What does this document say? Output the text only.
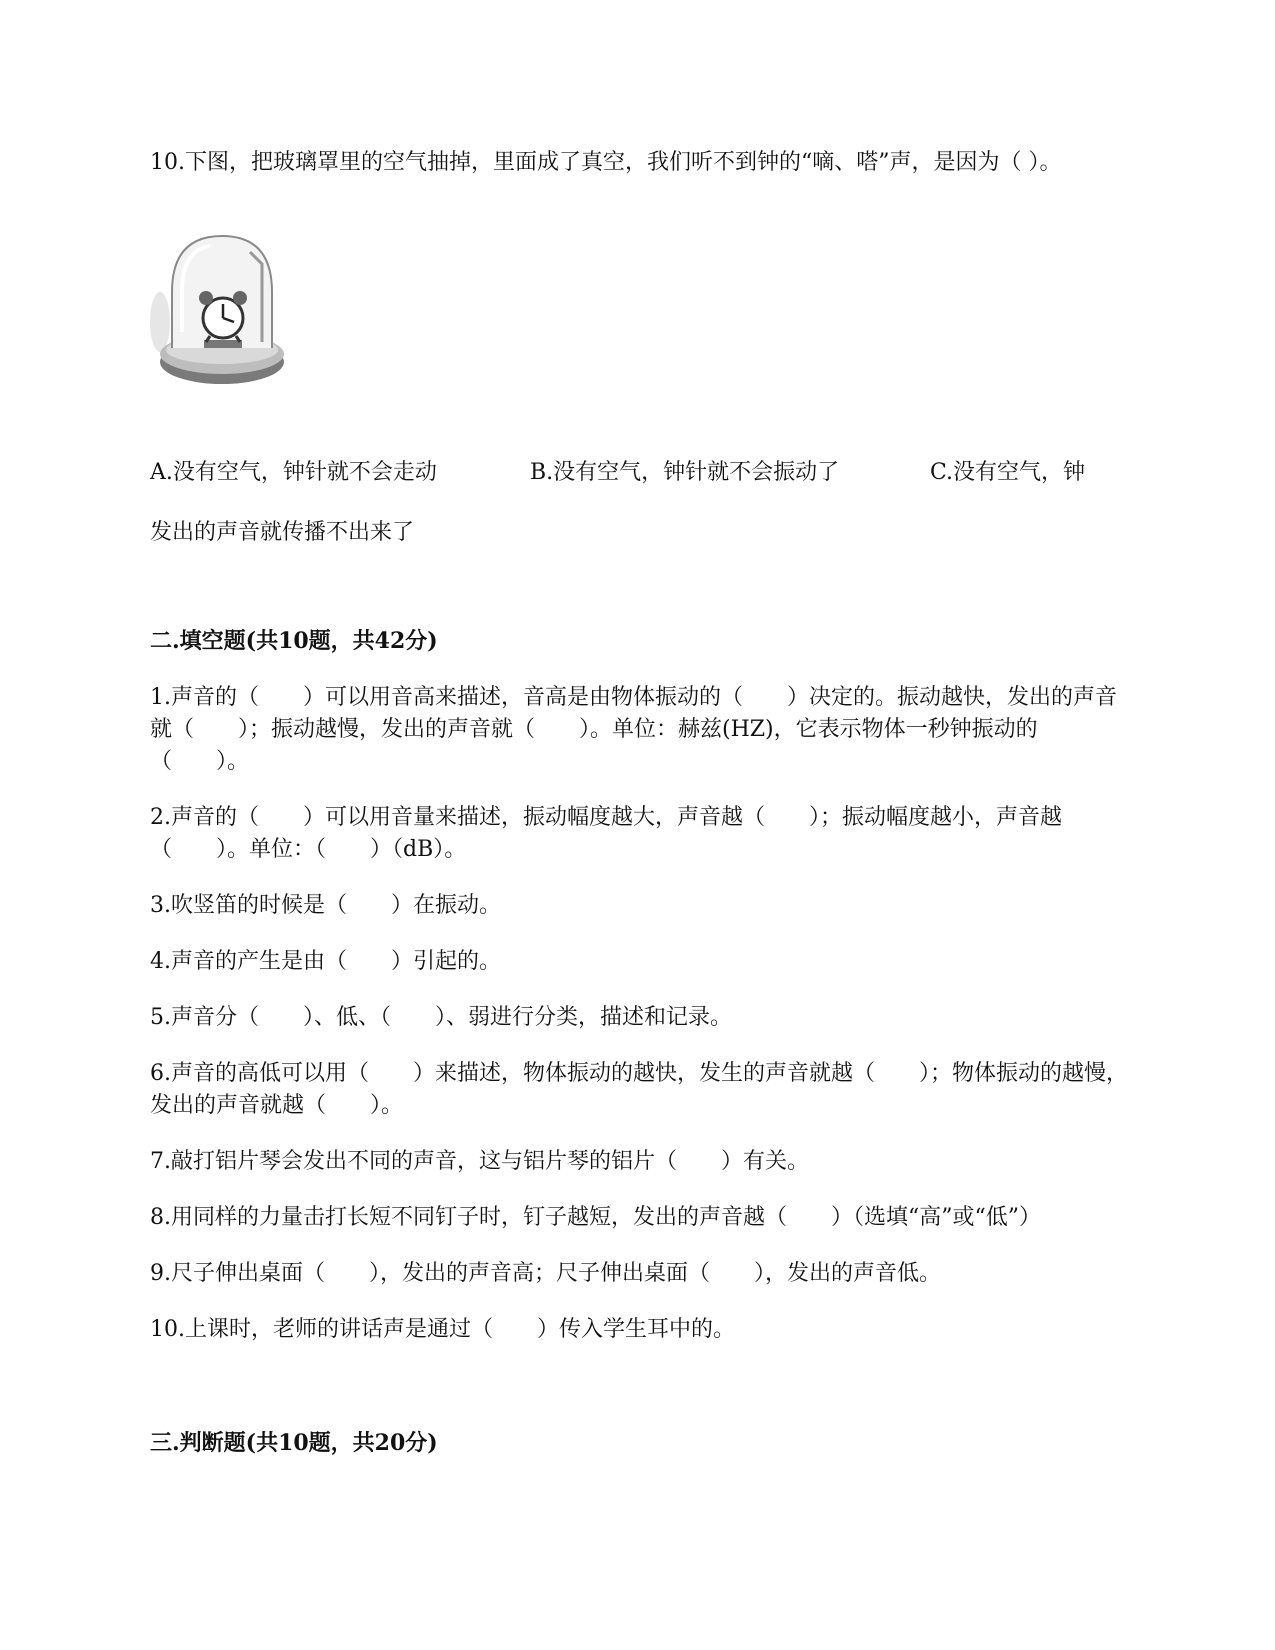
10.下图，把玻璃罩里的空气抽掉，里面成了真空，我们听不到钟的“嘀、嗒”声，是因为（ ）。
A.没有空气，钟针就不会走动	B.没有空气，钟针就不会振动了	C.没有空气，钟
发出的声音就传播不出来了
二.填空题(共10题，共42分)

1.声音的（　　）可以用音高来描述，音高是由物体振动的（　　）决定的。振动越快，发出的声音就（　　）；振动越慢，发出的声音就（　　）。单位：赫兹(HZ)，它表示物体一秒钟振动的（　　）。

2.声音的（　　）可以用音量来描述，振动幅度越大，声音越（　　）；振动幅度越小，声音越（　　）。单位：（　　）（dB）。

3.吹竖笛的时候是（　　）在振动。

4.声音的产生是由（　　）引起的。

5.声音分（　　）、低、（　　）、弱进行分类，描述和记录。

6.声音的高低可以用（　　）来描述，物体振动的越快，发生的声音就越（　　）；物体振动的越慢，发出的声音就越（　　）。

7.敲打铝片琴会发出不同的声音，这与铝片琴的铝片（　　）有关。

8.用同样的力量击打长短不同钉子时，钉子越短，发出的声音越（　　）（选填“高”或“低”）

9.尺子伸出桌面（　　），发出的声音高；尺子伸出桌面（　　），发出的声音低。

10.上课时，老师的讲话声是通过（　　）传入学生耳中的。

三.判断题(共10题，共20分)
